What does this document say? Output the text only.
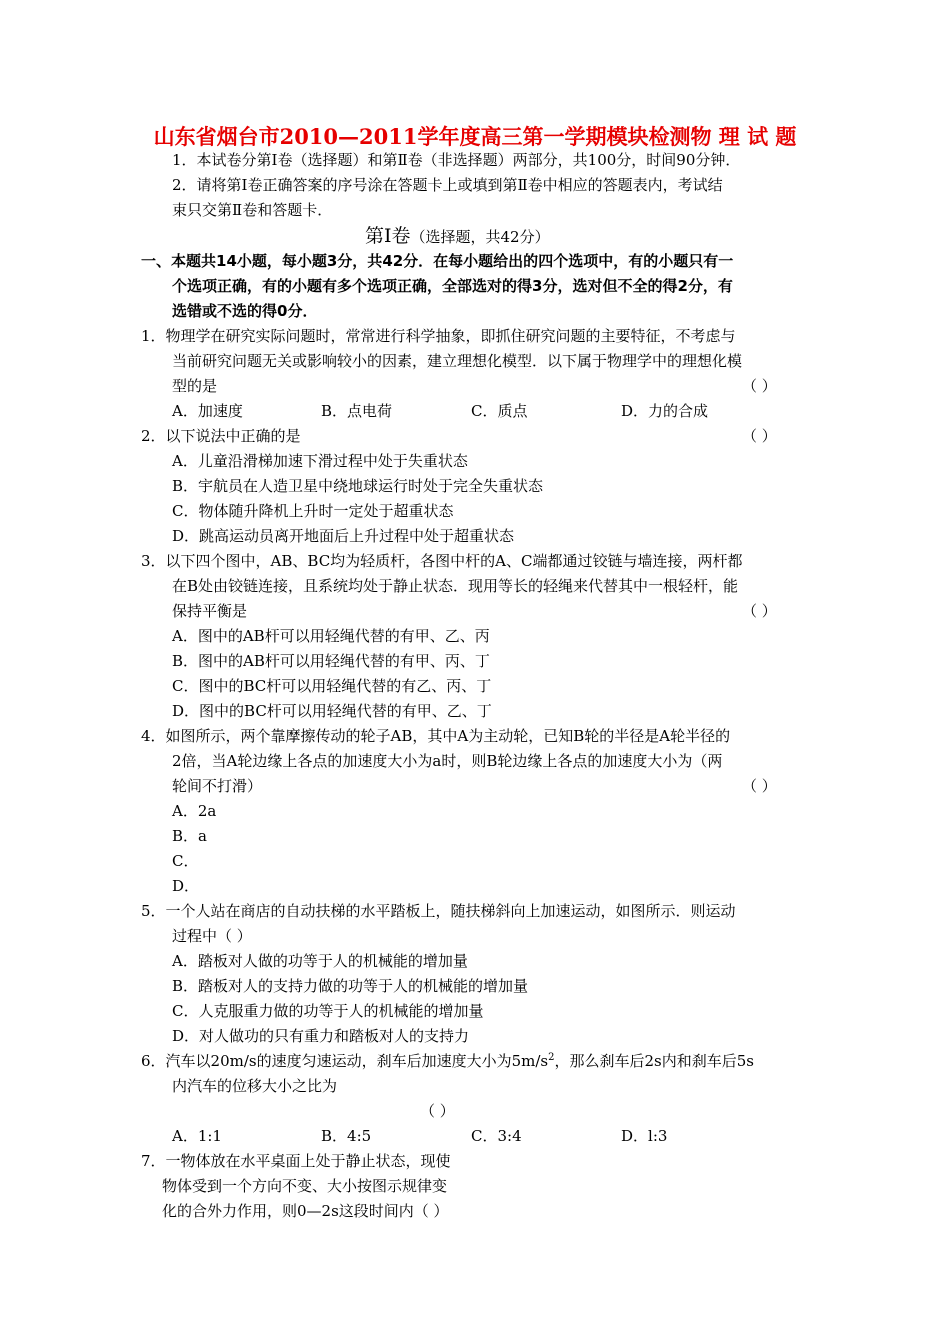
山东省烟台市2010—2011学年度高三第一学期模块检测物 理 试 题
1．本试卷分第Ⅰ卷（选择题）和第Ⅱ卷（非选择题）两部分，共100分，时间90分钟．
2．请将第Ⅰ卷正确答案的序号涂在答题卡上或填到第Ⅱ卷中相应的答题表内，考试结
束只交第Ⅱ卷和答题卡．
第Ⅰ卷（选择题，共42分）
一、本题共14小题，每小题3分，共42分．在每小题给出的四个选项中，有的小题只有一
个选项正确，有的小题有多个选项正确，全部选对的得3分，选对但不全的得2分，有
选错或不选的得0分．
1．物理学在研究实际问题时，常常进行科学抽象，即抓住研究问题的主要特征，不考虑与
当前研究问题无关或影响较小的因素，建立理想化模型．以下属于物理学中的理想化模
型的是	（ ）
A．加速度	B．点电荷	C．质点	D．力的合成
2．以下说法中正确的是	（ ）
A．儿童沿滑梯加速下滑过程中处于失重状态
B．宇航员在人造卫星中绕地球运行时处于完全失重状态
C．物体随升降机上升时一定处于超重状态
D．跳高运动员离开地面后上升过程中处于超重状态
3．以下四个图中，AB、BC均为轻质杆，各图中杆的A、C端都通过铰链与墙连接，两杆都
在B处由铰链连接，且系统均处于静止状态．现用等长的轻绳来代替其中一根轻杆，能
保持平衡是	（ ）
A．图中的AB杆可以用轻绳代替的有甲、乙、丙
B．图中的AB杆可以用轻绳代替的有甲、丙、丁
C．图中的BC杆可以用轻绳代替的有乙、丙、丁
D．图中的BC杆可以用轻绳代替的有甲、乙、丁
4．如图所示，两个靠摩擦传动的轮子AB，其中A为主动轮，已知B轮的半径是A轮半径的
2倍，当A轮边缘上各点的加速度大小为a时，则B轮边缘上各点的加速度大小为（两
轮间不打滑）	（ ）
A．2a
B．a
C．
D．
5．一个人站在商店的自动扶梯的水平踏板上，随扶梯斜向上加速运动，如图所示．则运动
过程中（ ）
A．踏板对人做的功等于人的机械能的增加量
B．踏板对人的支持力做的功等于人的机械能的增加量
C．人克服重力做的功等于人的机械能的增加量
D．对人做功的只有重力和踏板对人的支持力
6．汽车以20m/s的速度匀速运动，刹车后加速度大小为$5m/s^2$，那么刹车后2s内和刹车后5s
内汽车的位移大小之比为
（ ）
A．1:1	B．4:5	C．3:4	D．l:3
7．一物体放在水平桌面上处于静止状态，现使
物体受到一个方向不变、大小按图示规律变
化的合外力作用，则0—2s这段时间内（ ）
